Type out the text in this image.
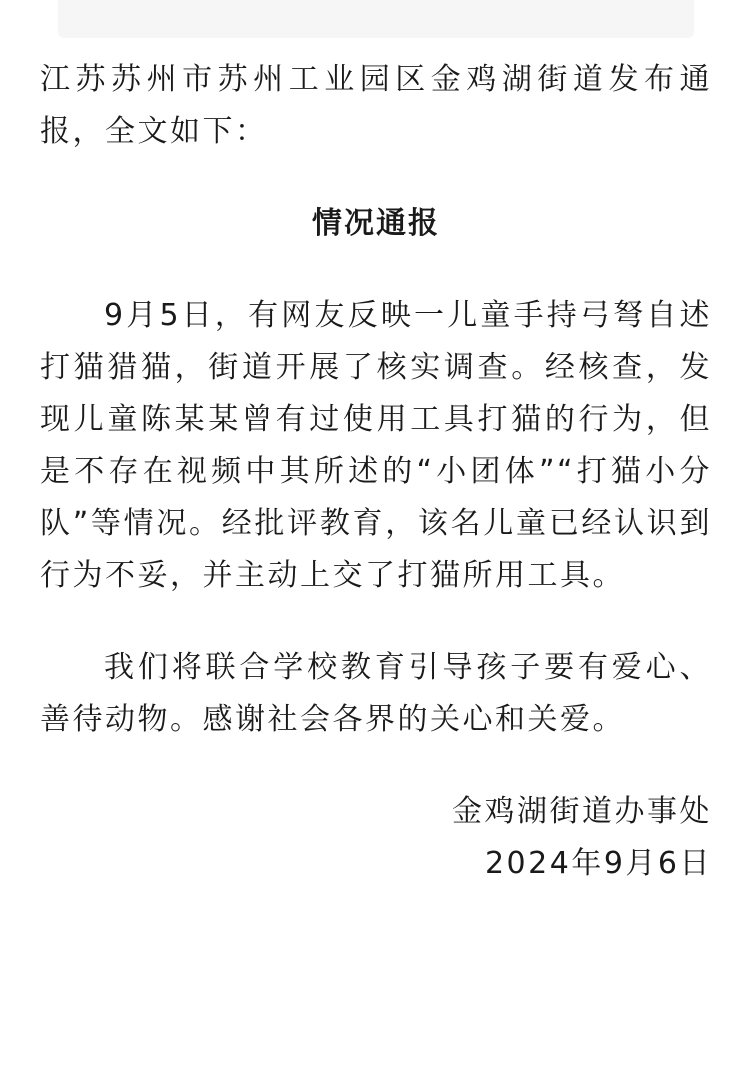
江苏苏州市苏州工业园区金鸡湖街道发布通报，全文如下：

情况通报

9月5日，有网友反映一儿童手持弓弩自述打猫猎猫，街道开展了核实调查。经核查，发现儿童陈某某曾有过使用工具打猫的行为，但是不存在视频中其所述的“小团体”“打猫小分队”等情况。经批评教育，该名儿童已经认识到行为不妥，并主动上交了打猫所用工具。

我们将联合学校教育引导孩子要有爱心、善待动物。感谢社会各界的关心和关爱。

金鸡湖街道办事处

2024年9月6日
